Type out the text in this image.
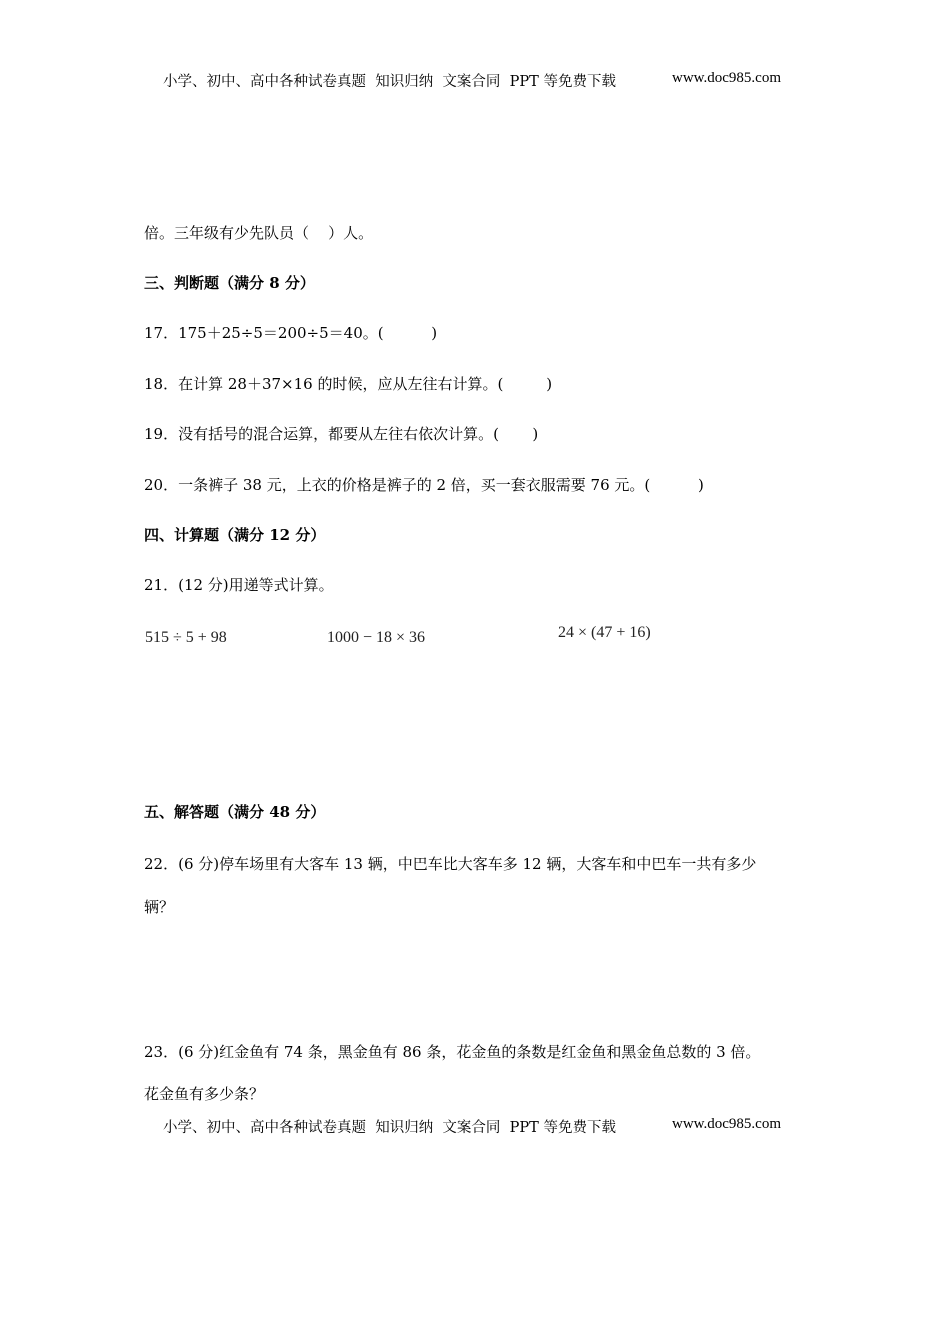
小学、初中、高中各种试卷真题  知识归纳  文案合同  PPT 等免费下载	www.doc985.com
倍。三年级有少先队员（    ）人。
三、判断题（满分 8 分）
17．175＋25÷5＝200÷5＝40。(          )
18．在计算 28＋37×16 的时候，应从左往右计算。(         )
19．没有括号的混合运算，都要从左往右依次计算。(       )
20．一条裤子 38 元，上衣的价格是裤子的 2 倍，买一套衣服需要 76 元。(          )
四、计算题（满分 12 分）
21．(12 分)用递等式计算。
515 ÷ 5 + 98	1000 − 18 × 36	24 × (47 + 16)
五、解答题（满分 48 分）
22．(6 分)停车场里有大客车 13 辆，中巴车比大客车多 12 辆，大客车和中巴车一共有多少
辆？
23．(6 分)红金鱼有 74 条，黑金鱼有 86 条，花金鱼的条数是红金鱼和黑金鱼总数的 3 倍。
花金鱼有多少条？
小学、初中、高中各种试卷真题  知识归纳  文案合同  PPT 等免费下载	www.doc985.com
